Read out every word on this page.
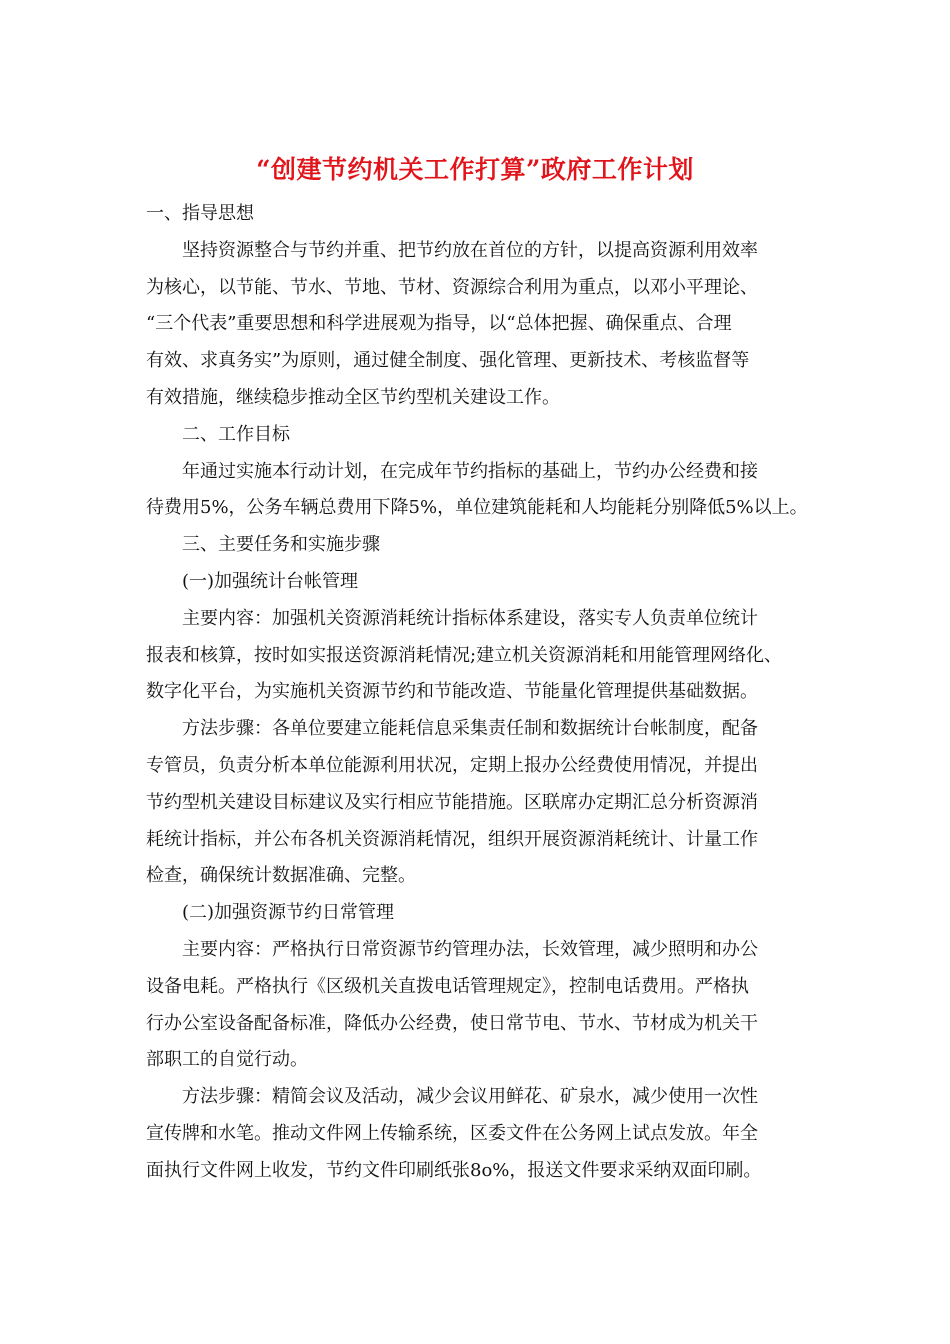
“创建节约机关工作打算”政府工作计划
一、指导思想
坚持资源整合与节约并重、把节约放在首位的方针，以提高资源利用效率
为核心，以节能、节水、节地、节材、资源综合利用为重点，以邓小平理论、
“三个代表”重要思想和科学进展观为指导，以“总体把握、确保重点、合理
有效、求真务实”为原则，通过健全制度、强化管理、更新技术、考核监督等
有效措施，继续稳步推动全区节约型机关建设工作。
二、工作目标
年通过实施本行动计划，在完成年节约指标的基础上，节约办公经费和接
待费用5%，公务车辆总费用下降5%，单位建筑能耗和人均能耗分别降低5%以上。
三、主要任务和实施步骤
(一)加强统计台帐管理
主要内容：加强机关资源消耗统计指标体系建设，落实专人负责单位统计
报表和核算，按时如实报送资源消耗情况;建立机关资源消耗和用能管理网络化、
数字化平台，为实施机关资源节约和节能改造、节能量化管理提供基础数据。
方法步骤：各单位要建立能耗信息采集责任制和数据统计台帐制度，配备
专管员，负责分析本单位能源利用状况，定期上报办公经费使用情况，并提出
节约型机关建设目标建议及实行相应节能措施。区联席办定期汇总分析资源消
耗统计指标，并公布各机关资源消耗情况，组织开展资源消耗统计、计量工作
检查，确保统计数据准确、完整。
(二)加强资源节约日常管理
主要内容：严格执行日常资源节约管理办法，长效管理，减少照明和办公
设备电耗。严格执行《区级机关直拨电话管理规定》，控制电话费用。严格执
行办公室设备配备标准，降低办公经费，使日常节电、节水、节材成为机关干
部职工的自觉行动。
方法步骤：精简会议及活动，减少会议用鲜花、矿泉水，减少使用一次性
宣传牌和水笔。推动文件网上传输系统，区委文件在公务网上试点发放。年全
面执行文件网上收发，节约文件印刷纸张8o%，报送文件要求采纳双面印刷。
